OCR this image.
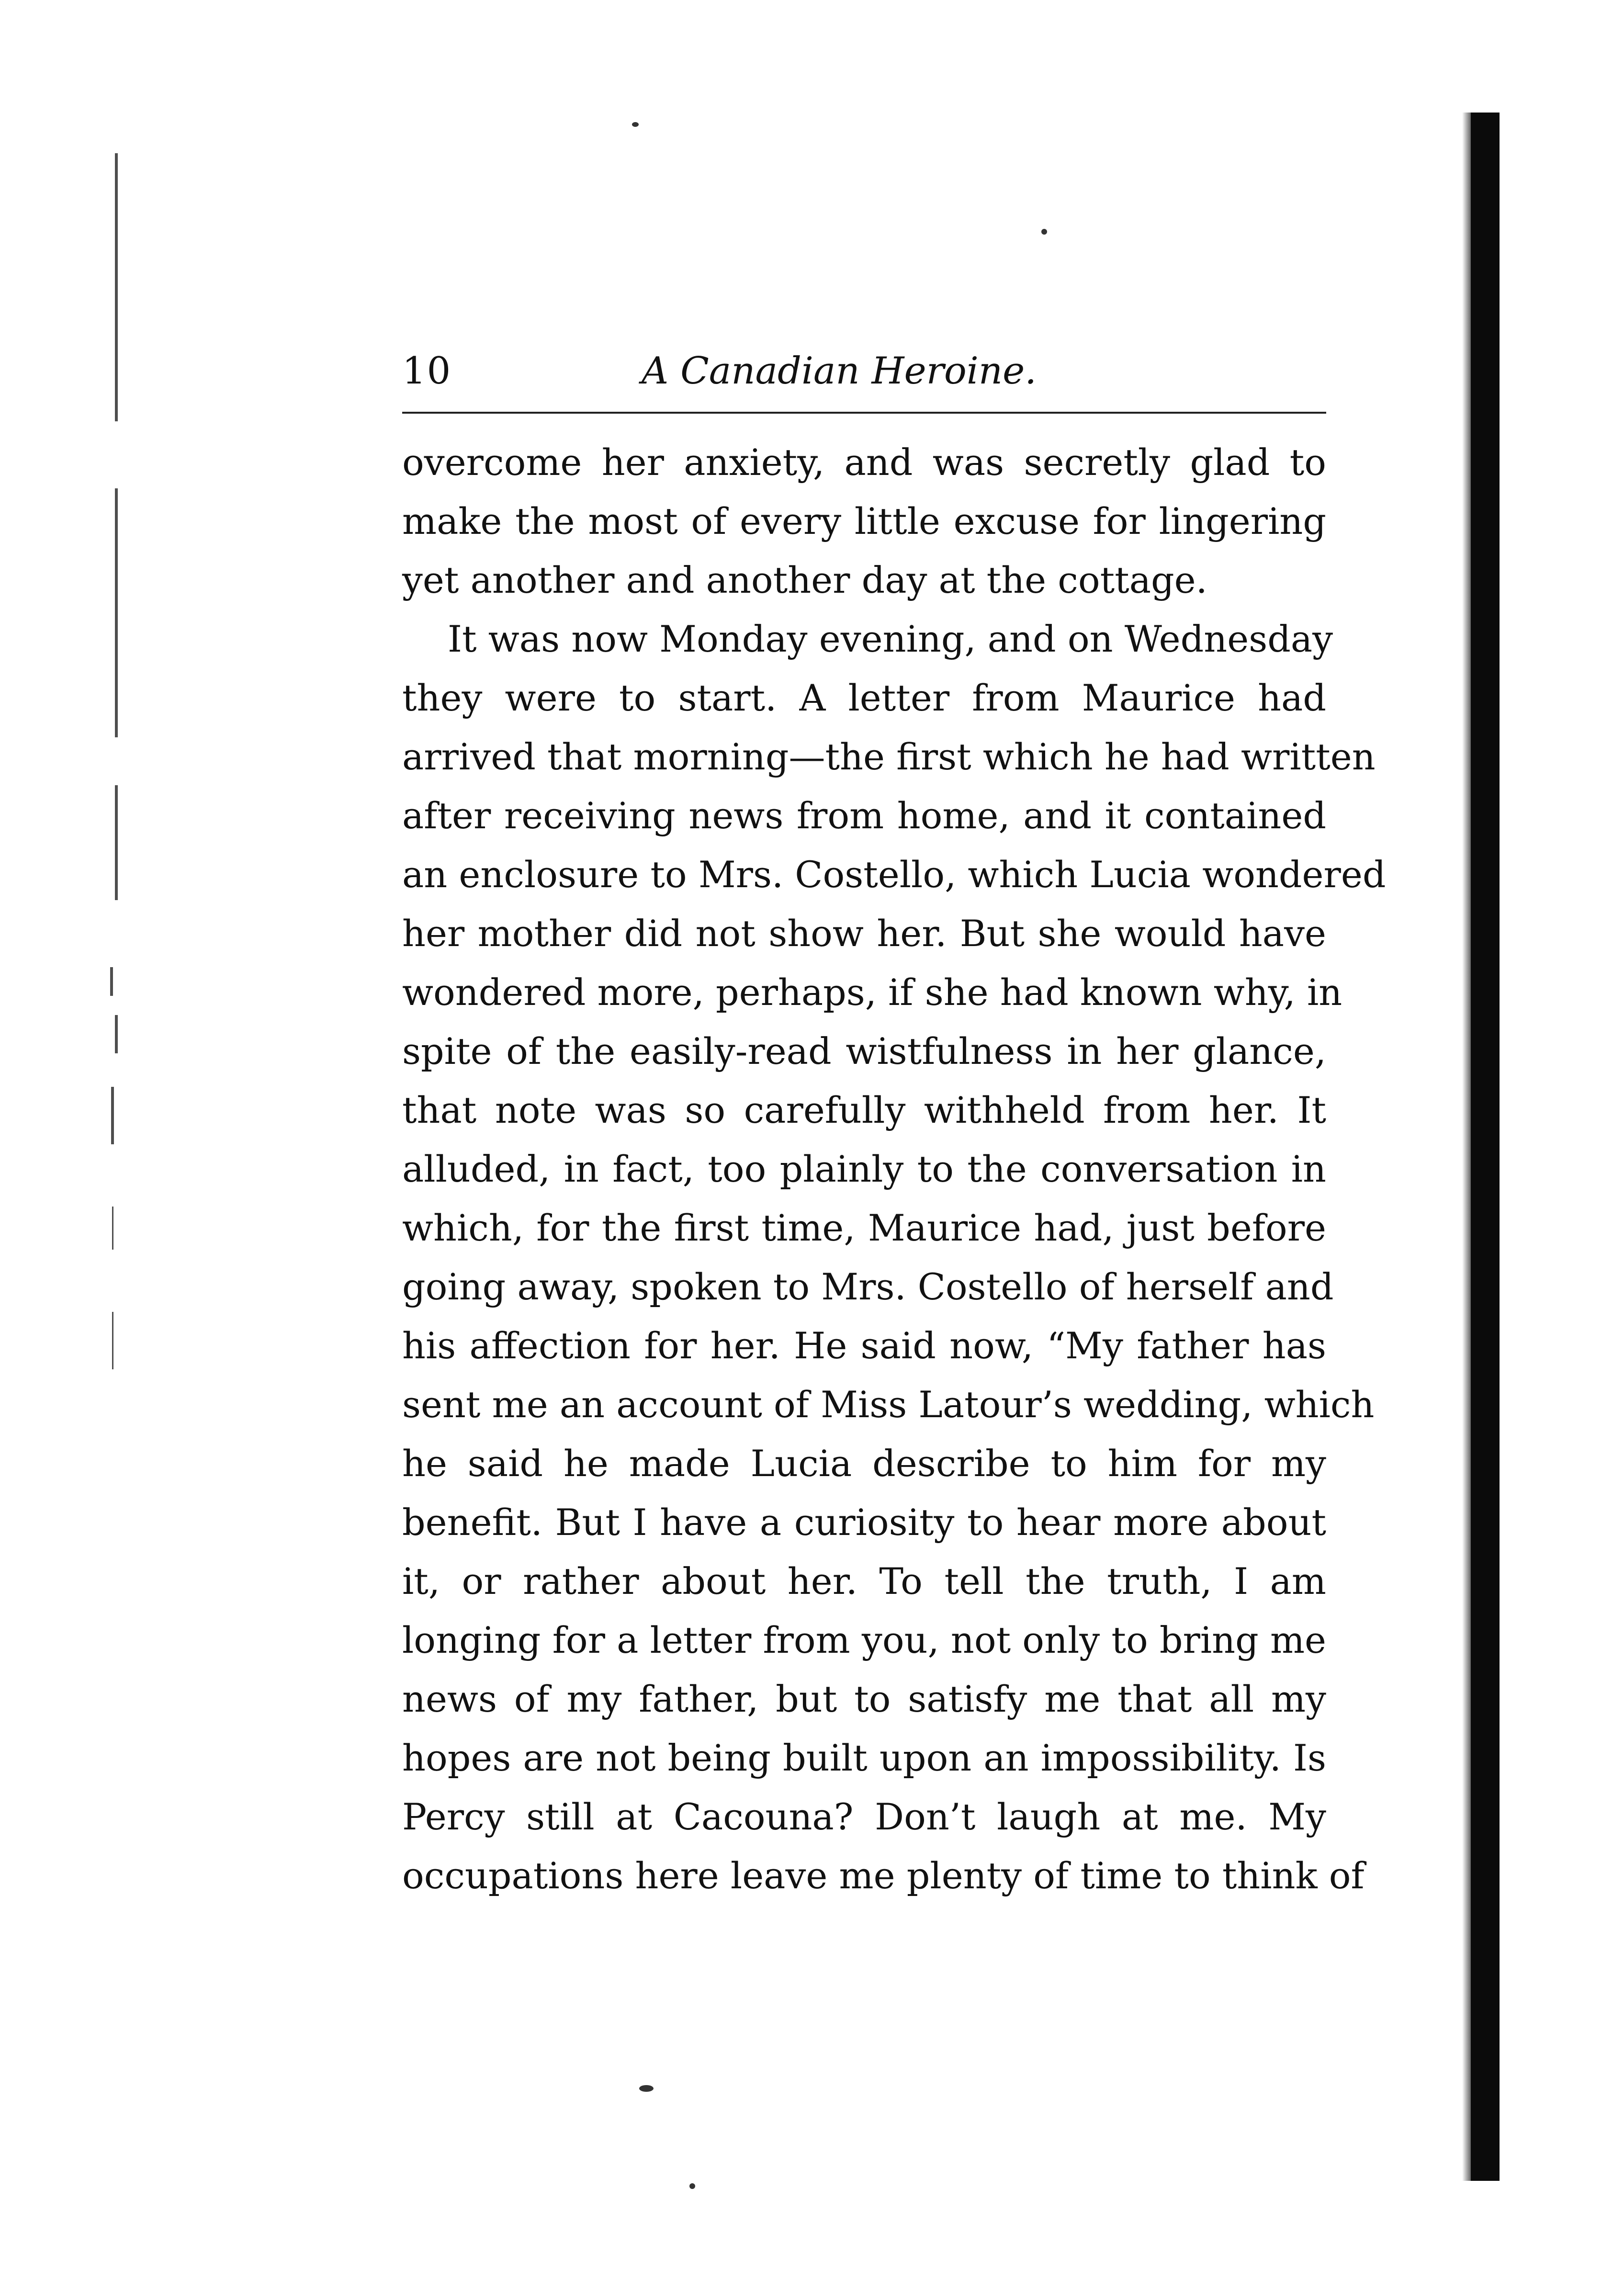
10	A Canadian Heroine.
overcome her anxiety, and was secretly glad to
make the most of every little excuse for lingering
yet another and another day at the cottage.
It was now Monday evening, and on Wednesday
they were to start. A letter from Maurice had
arrived that morning—the first which he had written
after receiving news from home, and it contained
an enclosure to Mrs. Costello, which Lucia wondered
her mother did not show her. But she would have
wondered more, perhaps, if she had known why, in
spite of the easily-read wistfulness in her glance,
that note was so carefully withheld from her. It
alluded, in fact, too plainly to the conversation in
which, for the first time, Maurice had, just before
going away, spoken to Mrs. Costello of herself and
his affection for her. He said now, “My father has
sent me an account of Miss Latour’s wedding, which
he said he made Lucia describe to him for my
benefit. But I have a curiosity to hear more about
it, or rather about her. To tell the truth, I am
longing for a letter from you, not only to bring me
news of my father, but to satisfy me that all my
hopes are not being built upon an impossibility. Is
Percy still at Cacouna? Don’t laugh at me. My
occupations here leave me plenty of time to think of
